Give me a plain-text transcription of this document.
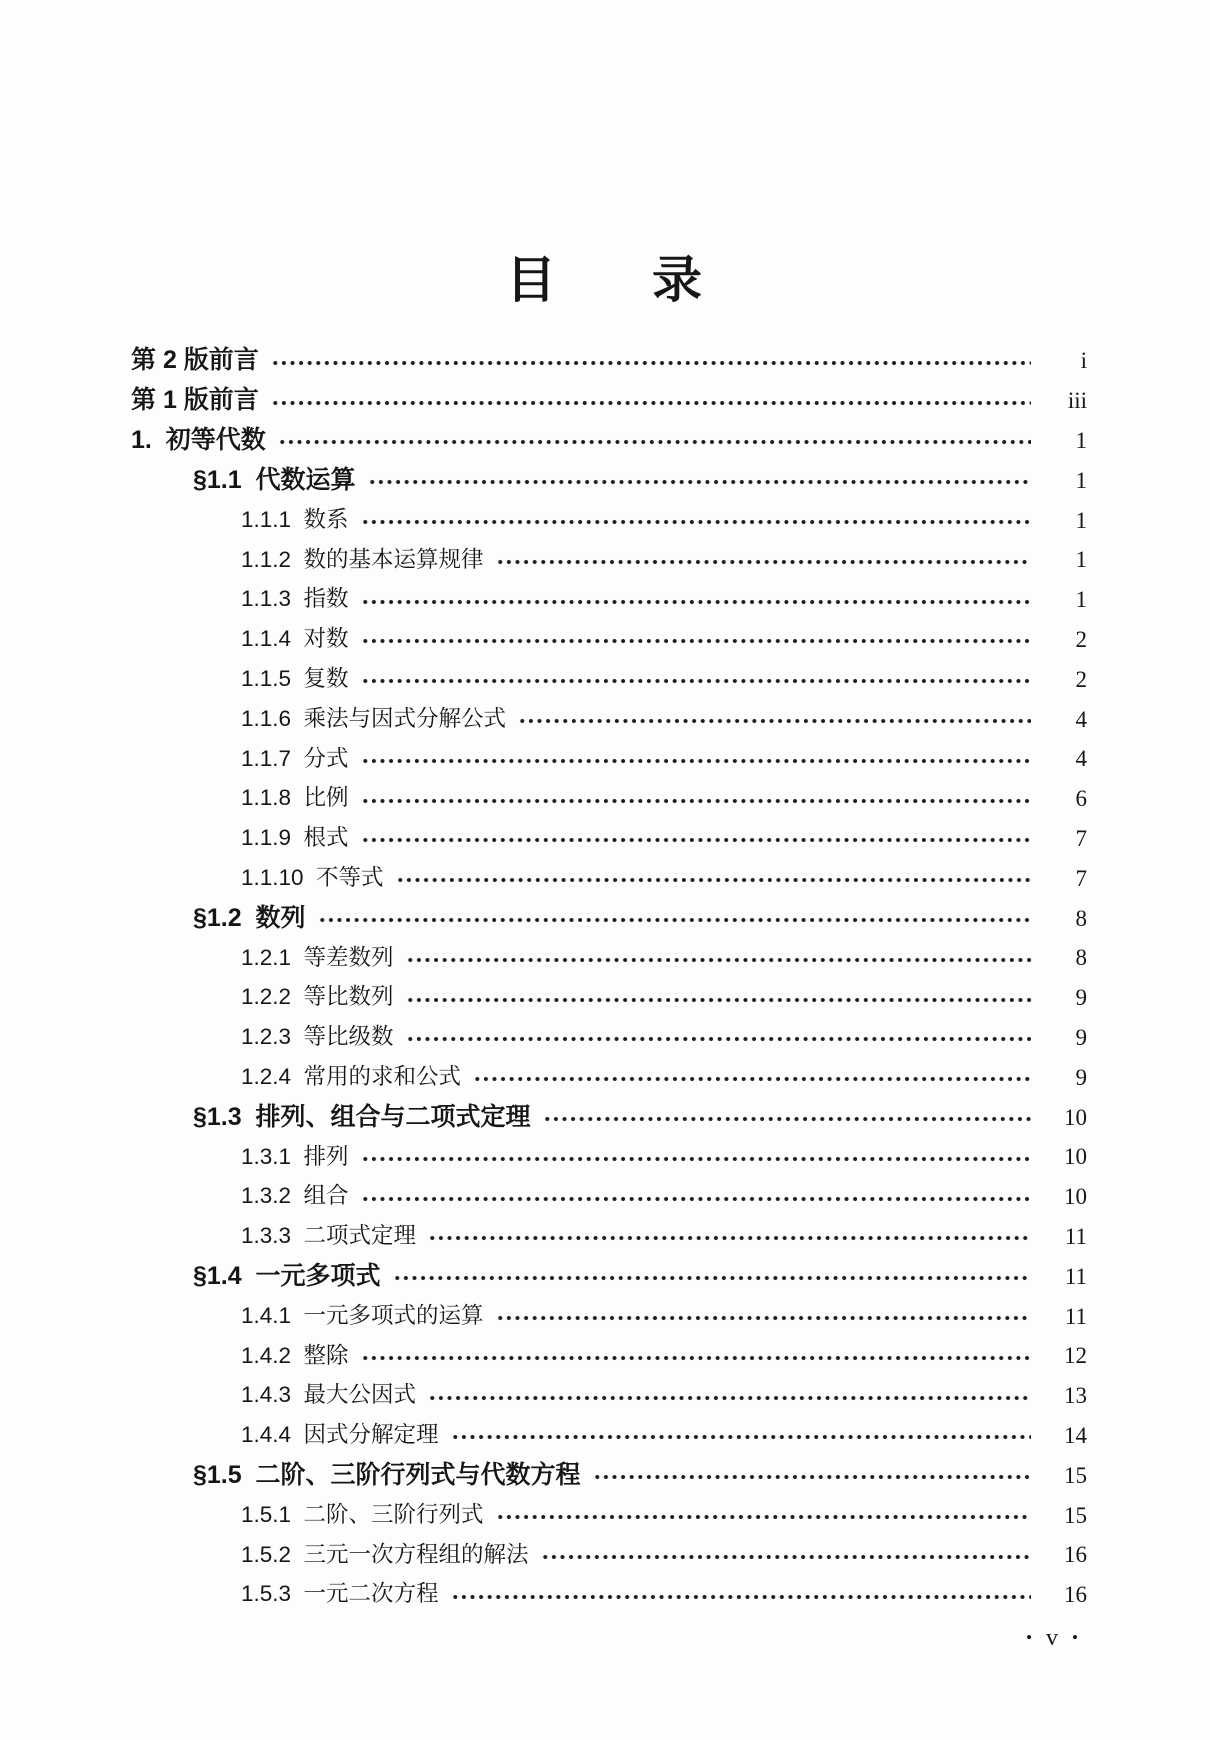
目 录
第 2 版前言	i
第 1 版前言	iii
1.  初等代数	1
§1.1  代数运算	1
1.1.1  数系	1
1.1.2  数的基本运算规律	1
1.1.3  指数	1
1.1.4  对数	2
1.1.5  复数	2
1.1.6  乘法与因式分解公式	4
1.1.7  分式	4
1.1.8  比例	6
1.1.9  根式	7
1.1.10  不等式	7
§1.2  数列	8
1.2.1  等差数列	8
1.2.2  等比数列	9
1.2.3  等比级数	9
1.2.4  常用的求和公式	9
§1.3  排列、组合与二项式定理	10
1.3.1  排列	10
1.3.2  组合	10
1.3.3  二项式定理	11
§1.4  一元多项式	11
1.4.1  一元多项式的运算	11
1.4.2  整除	12
1.4.3  最大公因式	13
1.4.4  因式分解定理	14
§1.5  二阶、三阶行列式与代数方程	15
1.5.1  二阶、三阶行列式	15
1.5.2  三元一次方程组的解法	16
1.5.3  一元二次方程	16
• v •
